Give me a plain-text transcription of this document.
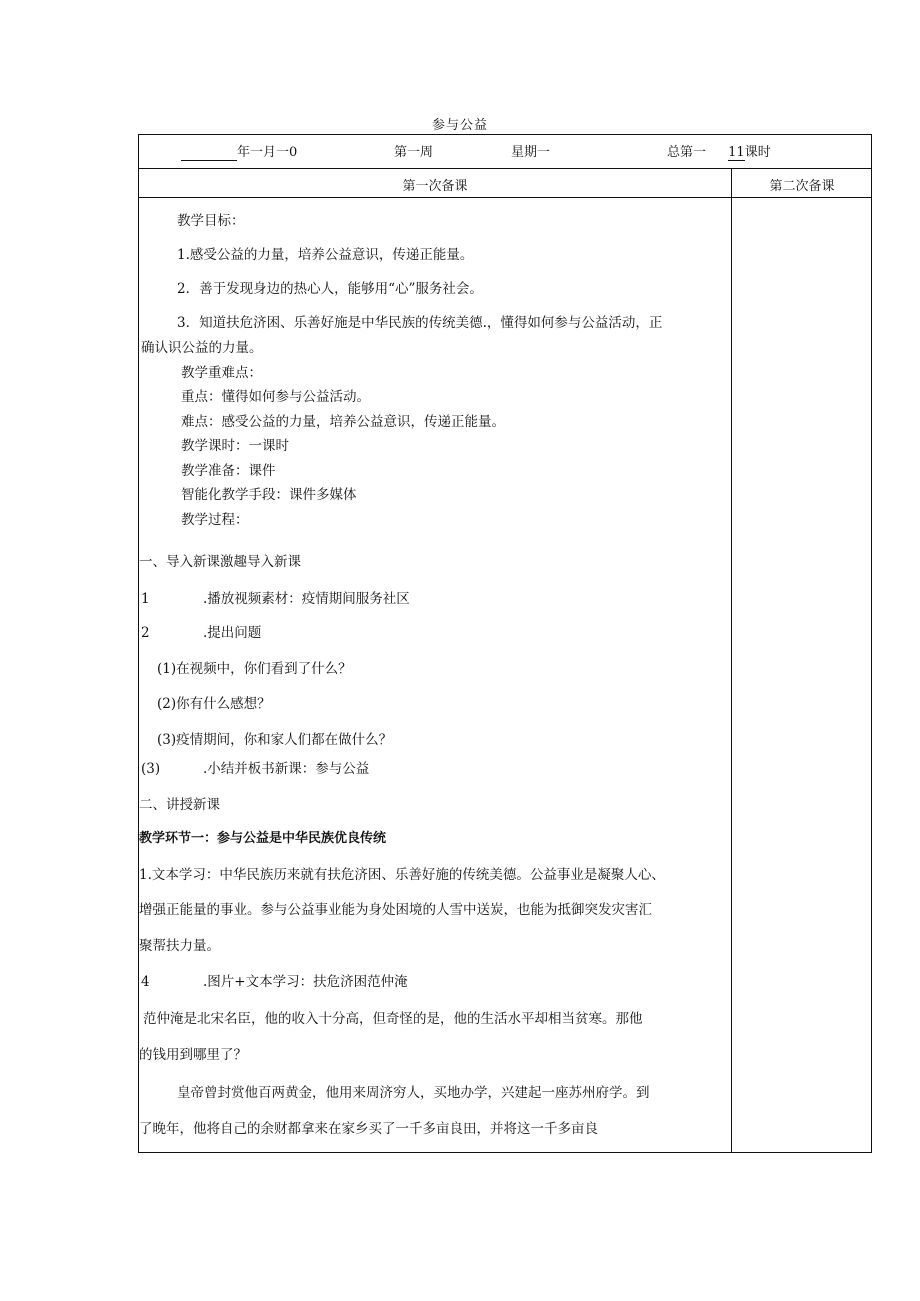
参与公益
年一月一0	第一周	星期一	总第一 11课时
第一次备课	第二次备课
教学目标：
1.感受公益的力量，培养公益意识，传递正能量。
2．善于发现身边的热心人，能够用“心”服务社会。
3．知道扶危济困、乐善好施是中华民族的传统美德.，懂得如何参与公益活动，正
确认识公益的力量。
教学重难点：
重点：懂得如何参与公益活动。
难点：感受公益的力量，培养公益意识，传递正能量。
教学课时：一课时
教学准备：课件
智能化教学手段：课件多媒体
教学过程：
一、导入新课激趣导入新课
1	.播放视频素材：疫情期间服务社区
2	.提出问题
(1)在视频中，你们看到了什么？
(2)你有什么感想？
(3)疫情期间，你和家人们都在做什么？
(3)	.小结并板书新课：参与公益
二、讲授新课
教学环节一：参与公益是中华民族优良传统
1.文本学习：中华民族历来就有扶危济困、乐善好施的传统美德。公益事业是凝聚人心、
增强正能量的事业。参与公益事业能为身处困境的人雪中送炭，也能为抵御突发灾害汇
聚帮扶力量。
4	.图片+文本学习：扶危济困范仲淹
范仲淹是北宋名臣，他的收入十分高，但奇怪的是，他的生活水平却相当贫寒。那他
的钱用到哪里了？
皇帝曾封赏他百两黄金，他用来周济穷人，买地办学，兴建起一座苏州府学。到
了晚年，他将自己的余财都拿来在家乡买了一千多亩良田，并将这一千多亩良
